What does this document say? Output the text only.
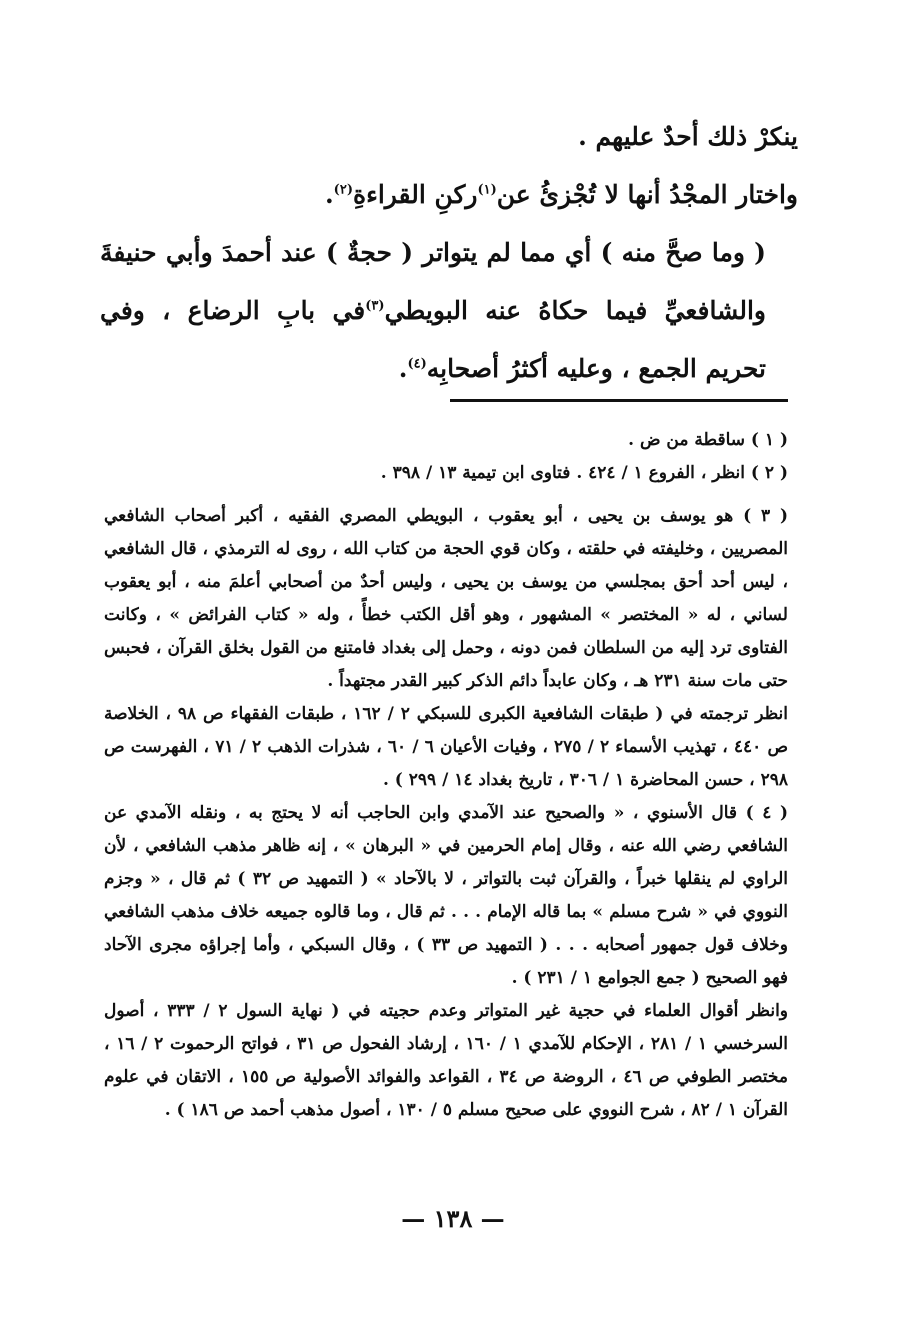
ينكرْ ذلك أحدٌ عليهم .

واختار المجْدُ أنها لا تُجْزئُ عن$^{(١)}$ركنِ القراءةِ$^{(٢)}$.

( وما صحَّ منه ) أي مما لم يتواتر ( حجةٌ ) عند أحمدَ وأبي حنيفةَ والشافعيِّ فيما حكاهُ عنه البويطي$^{(٣)}$في بابِ الرضاع ، وفي تحريم الجمع ، وعليه أكثرُ أصحابِه$^{(٤)}$.

( ١ ) ساقطة من ض .

( ٢ ) انظر ، الفروع ١ / ٤٢٤ . فتاوى ابن تيمية ١٣ / ٣٩٨ .

( ٣ ) هو يوسف بن يحيى ، أبو يعقوب ، البويطي المصري الفقيه ، أكبر أصحاب الشافعي المصريين ، وخليفته في حلقته ، وكان قوي الحجة من كتاب الله ، روى له الترمذي ، قال الشافعي ، ليس أحد أحق بمجلسي من يوسف بن يحيى ، وليس أحدٌ من أصحابي أعلمَ منه ، أبو يعقوب لساني ، له « المختصر » المشهور ، وهو أقل الكتب خطأً ، وله « كتاب الفرائض » ، وكانت الفتاوى ترد إليه من السلطان فمن دونه ، وحمل إلى بغداد فامتنع من القول بخلق القرآن ، فحبس حتى مات سنة ٢٣١ هـ ، وكان عابداً دائم الذكر كبير القدر مجتهداً .

انظر ترجمته في ( طبقات الشافعية الكبرى للسبكي ٢ / ١٦٢ ، طبقات الفقهاء ص ٩٨ ، الخلاصة ص ٤٤٠ ، تهذيب الأسماء ٢ / ٢٧٥ ، وفيات الأعيان ٦ / ٦٠ ، شذرات الذهب ٢ / ٧١ ، الفهرست ص ٢٩٨ ، حسن المحاضرة ١ / ٣٠٦ ، تاريخ بغداد ١٤ / ٢٩٩ ) .

( ٤ ) قال الأسنوي ، « والصحيح عند الآمدي وابن الحاجب أنه لا يحتج به ، ونقله الآمدي عن الشافعي رضي الله عنه ، وقال إمام الحرمين في « البرهان » ، إنه ظاهر مذهب الشافعي ، لأن الراوي لم ينقلها خبراً ، والقرآن ثبت بالتواتر ، لا بالآحاد » ( التمهيد ص ٣٢ ) ثم قال ، « وجزم النووي في « شرح مسلم » بما قاله الإمام . . . ثم قال ، وما قالوه جميعه خلاف مذهب الشافعي وخلاف قول جمهور أصحابه . . . ( التمهيد ص ٣٣ ) ، وقال السبكي ، وأما إجراؤه مجرى الآحاد فهو الصحيح ( جمع الجوامع ١ / ٢٣١ ) .

وانظر أقوال العلماء في حجية غير المتواتر وعدم حجيته في ( نهاية السول ٢ / ٣٣٣ ، أصول السرخسي ١ / ٢٨١ ، الإحكام للآمدي ١ / ١٦٠ ، إرشاد الفحول ص ٣١ ، فواتح الرحموت ٢ / ١٦ ، مختصر الطوفي ص ٤٦ ، الروضة ص ٣٤ ، القواعد والفوائد الأصولية ص ١٥٥ ، الاتقان في علوم القرآن ١ / ٨٢ ، شرح النووي على صحيح مسلم ٥ / ١٣٠ ، أصول مذهب أحمد ص ١٨٦ ) .

— ١٣٨ —
